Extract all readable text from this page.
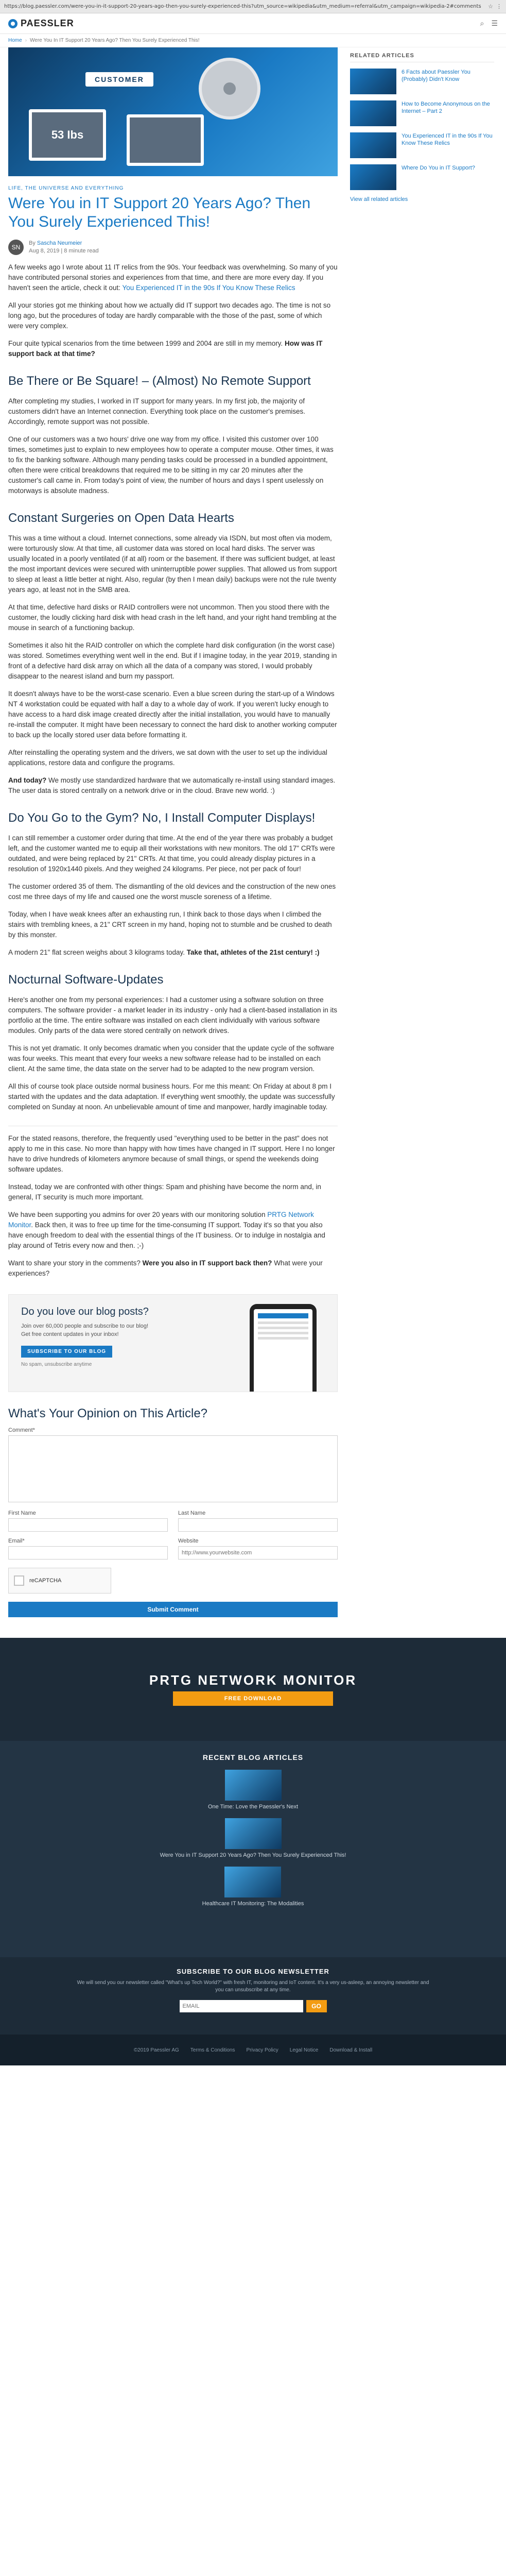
https://blog.paessler.com/were-you-in-it-support-20-years-ago-then-you-surely-experienced-this?utm_source=wikipedia&utm_medium=referral&utm_campaign=wikipedia-2#comments	☆ ⋮
PAESSLER	⌕ ☰
Home › Were You In IT Support 20 Years Ago? Then You Surely Experienced This!
CUSTOMER
53 Ibs
LIFE, THE UNIVERSE AND EVERYTHING
Were You in IT Support 20 Years Ago? Then You Surely Experienced This!
SN
By Sascha Neumeier
Aug 8, 2019 | 8 minute read

A few weeks ago I wrote about 11 IT relics from the 90s. Your feedback was overwhelming. So many of you have contributed personal stories and experiences from that time, and there are more every day. If you haven't seen the article, check it out: You Experienced IT in the 90s If You Know These Relics

All your stories got me thinking about how we actually did IT support two decades ago. The time is not so long ago, but the procedures of today are hardly comparable with the those of the past, some of which were very complex.

Four quite typical scenarios from the time between 1999 and 2004 are still in my memory. How was IT support back at that time?

Be There or Be Square! – (Almost) No Remote Support

After completing my studies, I worked in IT support for many years. In my first job, the majority of customers didn't have an Internet connection. Everything took place on the customer's premises. Accordingly, remote support was not possible.

One of our customers was a two hours' drive one way from my office. I visited this customer over 100 times, sometimes just to explain to new employees how to operate a computer mouse. Other times, it was to fix the banking software. Although many pending tasks could be processed in a bundled appointment, often there were critical breakdowns that required me to be sitting in my car 20 minutes after the customer's call came in. From today's point of view, the number of hours and days I spent uselessly on motorways is absolute madness.

Constant Surgeries on Open Data Hearts

This was a time without a cloud. Internet connections, some already via ISDN, but most often via modem, were torturously slow. At that time, all customer data was stored on local hard disks. The server was usually located in a poorly ventilated (if at all) room or the basement. If there was sufficient budget, at least the most important devices were secured with uninterruptible power supplies. That allowed us from support to sleep at least a little better at night. Also, regular (by then I mean daily) backups were not the rule twenty years ago, at least not in the SMB area.

At that time, defective hard disks or RAID controllers were not uncommon. Then you stood there with the customer, the loudly clicking hard disk with head crash in the left hand, and your right hand trembling at the mouse in search of a functioning backup.

Sometimes it also hit the RAID controller on which the complete hard disk configuration (in the worst case) was stored. Sometimes everything went well in the end. But if I imagine today, in the year 2019, standing in front of a defective hard disk array on which all the data of a company was stored, I would probably disappear to the nearest island and burn my passport.

It doesn't always have to be the worst-case scenario. Even a blue screen during the start-up of a Windows NT 4 workstation could be equated with half a day to a whole day of work. If you weren't lucky enough to have access to a hard disk image created directly after the initial installation, you would have to manually re-install the computer. It might have been necessary to connect the hard disk to another working computer to back up the locally stored user data before formatting it.

After reinstalling the operating system and the drivers, we sat down with the user to set up the individual applications, restore data and configure the programs.

And today? We mostly use standardized hardware that we automatically re-install using standard images. The user data is stored centrally on a network drive or in the cloud. Brave new world. :)

Do You Go to the Gym? No, I Install Computer Displays!

I can still remember a customer order during that time. At the end of the year there was probably a budget left, and the customer wanted me to equip all their workstations with new monitors. The old 17" CRTs were outdated, and were being replaced by 21" CRTs. At that time, you could already display pictures in a resolution of 1920x1440 pixels. And they weighed 24 kilograms. Per piece, not per pack of four!

The customer ordered 35 of them. The dismantling of the old devices and the construction of the new ones cost me three days of my life and caused one the worst muscle soreness of a lifetime.

Today, when I have weak knees after an exhausting run, I think back to those days when I climbed the stairs with trembling knees, a 21" CRT screen in my hand, hoping not to stumble and be crushed to death by this monster.

A modern 21" flat screen weighs about 3 kilograms today. Take that, athletes of the 21st century! :)

Nocturnal Software-Updates

Here's another one from my personal experiences: I had a customer using a software solution on three computers. The software provider - a market leader in its industry - only had a client-based installation in its portfolio at the time. The entire software was installed on each client individually with various software modules. Only parts of the data were stored centrally on network drives.

This is not yet dramatic. It only becomes dramatic when you consider that the update cycle of the software was four weeks. This meant that every four weeks a new software release had to be installed on each client. At the same time, the data state on the server had to be adapted to the new program version.

All this of course took place outside normal business hours. For me this meant: On Friday at about 8 pm I started with the updates and the data adaptation. If everything went smoothly, the update was successfully completed on Sunday at noon. An unbelievable amount of time and manpower, hardly imaginable today.

For the stated reasons, therefore, the frequently used "everything used to be better in the past" does not apply to me in this case. No more than happy with how times have changed in IT support. Here I no longer have to drive hundreds of kilometers anymore because of small things, or spend the weekends doing software updates.

Instead, today we are confronted with other things: Spam and phishing have become the norm and, in general, IT security is much more important.

We have been supporting you admins for over 20 years with our monitoring solution PRTG Network Monitor. Back then, it was to free up time for the time-consuming IT support. Today it's so that you also have enough freedom to deal with the essential things of the IT business. Or to indulge in nostalgia and play around of Tetris every now and then. ;-)

Want to share your story in the comments? Were you also in IT support back then? What were your experiences?

Do you love our blog posts?
Join over 60,000 people and subscribe to our blog! Get free content updates in your inbox!
SUBSCRIBE TO OUR BLOG
No spam, unsubscribe anytime
What's Your Opinion on This Article?
Comment*
First Name	Last Name
Email*	Website
http://www.yourwebsite.com
reCAPTCHA
Submit Comment
RELATED ARTICLES
6 Facts about Paessler You (Probably) Didn't Know
How to Become Anonymous on the Internet – Part 2
You Experienced IT in the 90s If You Know These Relics
Where Do You in IT Support?
View all related articles
PRTG NETWORK MONITOR
FREE DOWNLOAD
RECENT BLOG ARTICLES
One Time: Love the Paessler's Next
Were You in IT Support 20 Years Ago? Then You Surely Experienced This!
Healthcare IT Monitoring: The Modalities
SUBSCRIBE TO OUR BLOG NEWSLETTER
We will send you our newsletter called "What's up Tech World?" with fresh IT, monitoring and IoT content. It's a very us-asleep, an annoying newsletter and you can unsubscribe at any time.
EMAIL
GO
©2019 Paessler AG Terms & Conditions Privacy Policy Legal Notice Download & Install
